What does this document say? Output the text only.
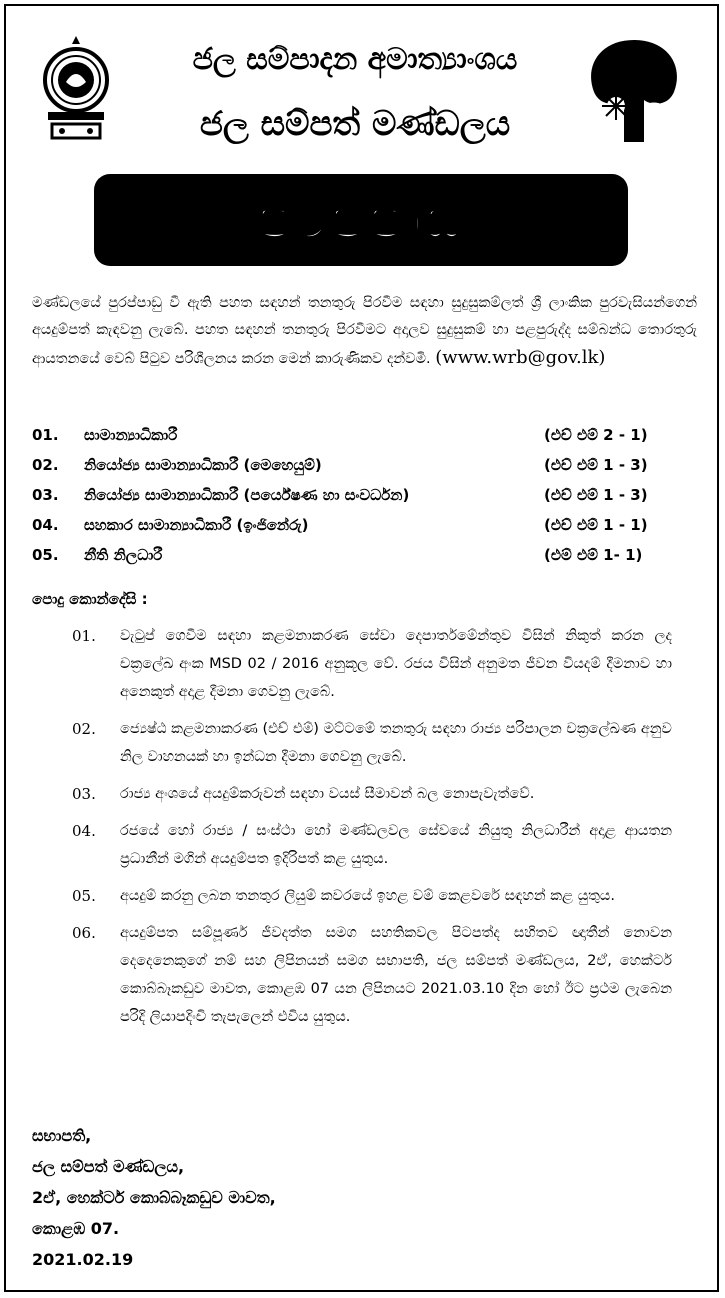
ජල සම්පාදන අමාත්‍යාංශය
ජල සම්පත් මණ්ඩලය
පුරප්පාඩු
මණ්ඩලයේ පුරප්පාඩු වී ඇති පහත සඳහන් තනතුරු පිරවීම සඳහා සුදුසුකම්ලත් ශ්‍රී ලාංකික පුරවැසියන්ගෙන් අයදුම්පත් කැඳවනු ලැබේ. පහත සඳහන් තනතුරු පිරවීමට අදාලව සුදුසුකම් හා පළපුරුද්ද සම්බන්ධ තොරතුරු ආයතනයේ වෙබ් පිටුව පරිශීලනය කරන මෙන් කාරුණිකව දන්වමි. (www.wrb@gov.lk)
01. සාමාන්‍යාධිකාරී	(එච් එම් 2 - 1)
02. නියෝජ්‍ය සාමාන්‍යාධිකාරී (මෙහෙයුම්)	(එච් එම් 1 - 3)
03. නියෝජ්‍ය සාමාන්‍යාධිකාරී (පර්යේෂණ හා සංවර්ධන)	(එච් එම් 1 - 3)
04. සහකාර සාමාන්‍යාධිකාරී (ඉංජිනේරු)	(එච් එම් 1 - 1)
05. නීති නිලධාරී	(එම් එම් 1- 1)
පොදු කොන්දේසි :
01. වැටුප් ගෙවීම සඳහා කළමනාකරණ සේවා දෙපාර්තමේන්තුව විසින් නිකුත් කරන ලද චක්‍රලේඛ අංක MSD 02 / 2016 අනුකූල වේ. රජය විසින් අනුමත ජීවන වියදම් දීමනාව හා අනෙකුත් අදාළ දීමනා ගෙවනු ලැබේ.
02. ජ්‍යෙෂ්ඨ කළමනාකරණ (එච් එම්) මට්ටමේ තනතුරු සඳහා රාජ්‍ය පරිපාලන චක්‍රලේඛණ අනුව නිල වාහනයක් හා ඉන්ධන දීමනා ගෙවනු ලැබේ.
03. රාජ්‍ය අංශයේ අයදුම්කරුවන් සඳහා වයස් සීමාවන් බල නොපැවැත්වේ.
04. රජයේ හෝ රාජ්‍ය / සංස්ථා හෝ මණ්ඩලවල සේවයේ නියුතු නිලධාරීන් අදාළ ආයතන ප්‍රධානීන් මගින් අයදුම්පත ඉදිරිපත් කළ යුතුය.
05. අයදුම් කරනු ලබන තනතුර ලියුම් කවරයේ ඉහළ වම් කෙළවරේ සඳහන් කළ යුතුය.
06. අයදුම්පත සම්පූර්ණ ජීවදත්ත සමග සහතිකවල පිටපත්ද සහිතව ඥාතීන් නොවන දෙදෙනෙකුගේ නම් සහ ලිපිනයන් සමග සභාපති, ජල සම්පත් මණ්ඩලය, 2ඒ, හෙක්ටර් කොබ්බෑකඩුව මාවත, කොළඹ 07 යන ලිපිනයට 2021.03.10 දින හෝ ඊට ප්‍රථම ලැබෙන පරිදි ලියාපදිංචි තැපැලෙන් එවිය යුතුය.
සභාපති,
ජල සම්පත් මණ්ඩලය,
2ඒ, හෙක්ටර් කොබ්බෑකඩුව මාවත,
කොළඹ 07.
2021.02.19
